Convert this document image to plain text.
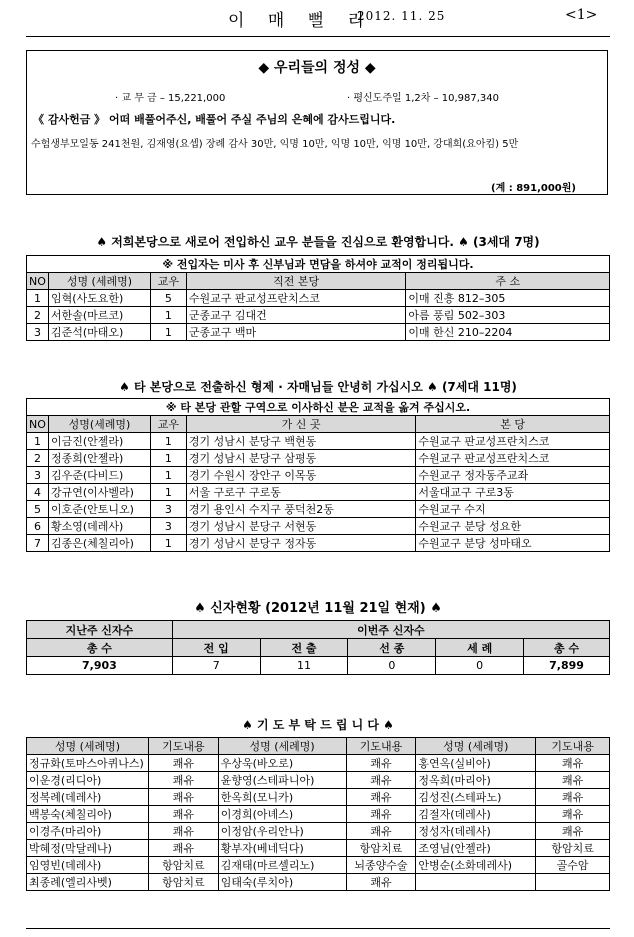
이 매 뻘 리
2012. 11. 25	<1>
◆ 우리들의 정성 ◆
· 교 무 금 – 15,221,000	· 평신도주일 1,2차 – 10,987,340
《 감사헌금 》 어떠 배풀어주신, 배풀어 주실 주님의 은혜에 감사드립니다.
수험생부모일동 241천원, 김재영(요셉) 장례 감사 30만, 익명 10만, 익명 10만, 익명 10만, 강대희(요아킴) 5만
(계 : 891,000원)
♠ 저희본당으로 새로어 전입하신 교우 분들을 진심으로 환영합니다. ♠ (3세대 7명)
※ 전입자는 미사 후 신부님과 면담을 하셔야 교적이 정리됩니다.				
NO	성명 (세례명)	교우	직전 본당	주 소
1	임혁(사도요한)	5	수원교구 판교성프란치스코	이매 진흥 812–305
2	서한솔(마르코)	1	군종교구 김대건	아름 풍림 502–303
3	김준석(마태오)	1	군종교구 백마	이매 한신 210–2204
♠ 타 본당으로 전출하신 형제 · 자매님들 안녕히 가십시오 ♠ (7세대 11명)
※ 타 본당 관할 구역으로 이사하신 분은 교적을 옮겨 주십시오.				
NO	성명(세례명)	교우	가 신 곳	본 당
1	이금진(안젤라)	1	경기 성남시 분당구 백현동	수원교구 판교성프란치스코
2	정종희(안젤라)	1	경기 성남시 분당구 삼평동	수원교구 판교성프란치스코
3	김우준(다비드)	1	경기 수원시 장안구 이목동	수원교구 정자동주교좌
4	강규연(이사벨라)	1	서울 구로구 구로동	서울대교구 구로3동
5	이호준(안토니오)	3	경기 용인시 수지구 풍덕천2동	수원교구 수지
6	황소영(데레사)	3	경기 성남시 분당구 서현동	수원교구 분당 성요한
7	김종은(체칠리아)	1	경기 성남시 분당구 정자동	수원교구 분당 성마태오
♠ 신자현황 (2012년 11월 21일 현재) ♠
지난주 신자수	이번주 신자수				
총 수	전 입	전 출	선 종	세 례	총 수
7,903	7	11	0	0	7,899
♠ 기 도 부 탁 드 립 니 다 ♠
성명 (세례명)	기도내용	성명 (세례명)	기도내용	성명 (세례명)	기도내용
정규화(토마스아퀴나스)	쾌유	우상욱(바오로)	쾌유	홍연옥(실비아)	쾌유
이운경(리디아)	쾌유	윤향영(스테파니아)	쾌유	정옥희(마리아)	쾌유
정복례(데레사)	쾌유	한옥희(모니카)	쾌유	김성진(스테파노)	쾌유
백봉숙(체칠리아)	쾌유	이경희(아녜스)	쾌유	김절자(데레사)	쾌유
이경주(마리아)	쾌유	이정암(우리안나)	쾌유	정성자(데레사)	쾌유
박혜정(막달레나)	쾌유	황부자(베네딕다)	항암치료	조영님(안젤라)	항암치료
임영빈(데레사)	항암치료	김재태(마르셀리노)	뇌종양수술	안병순(소화데레사)	골수암
최종례(엘리사벳)	항암치료	임태숙(루치아)	쾌유		
